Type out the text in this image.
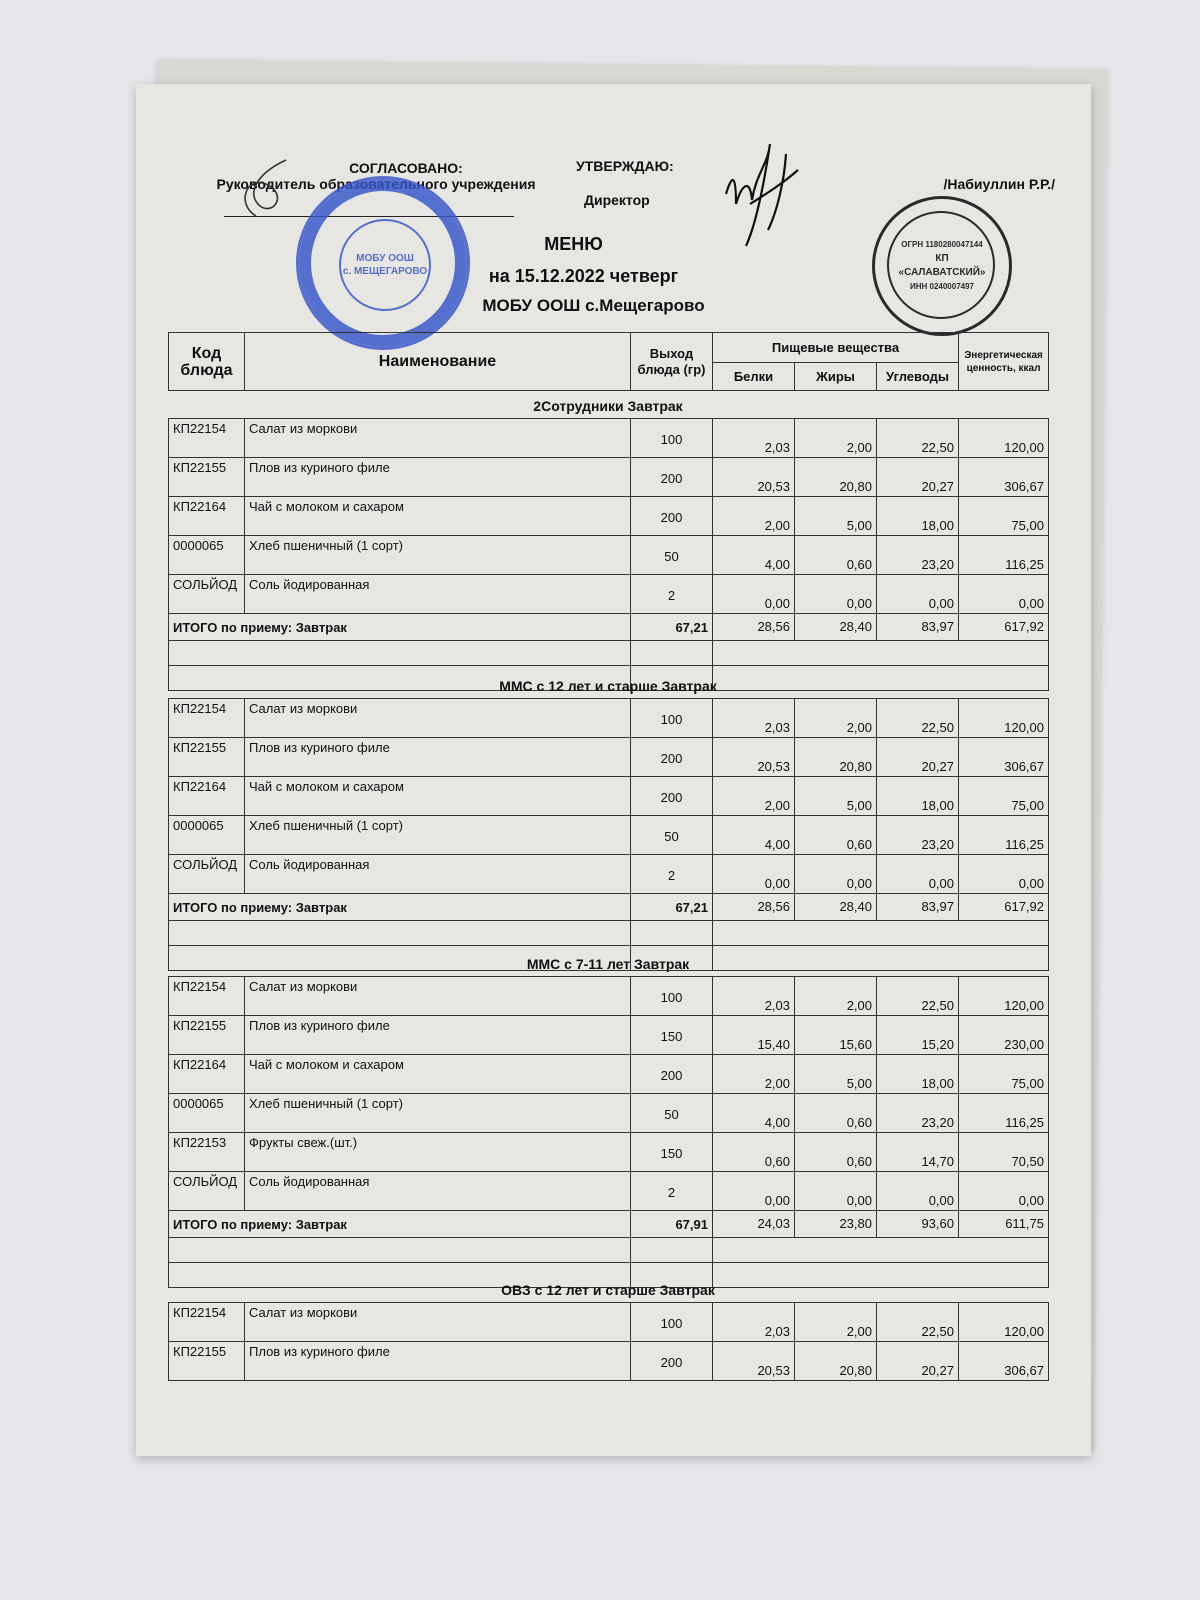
СОГЛАСОВАНО:
Руководитель образовательного учреждения
УТВЕРЖДАЮ:
Директор
/Набиуллин Р.Р./
МОБУ ООШ
с. МЕЩЕГАРОВО
ОГРН 1180280047144
КП
«САЛАВАТСКИЙ»
ИНН 0240007497
МЕНЮ
на 15.12.2022 четверг
МОБУ ООШ с.Мещегарово
Код блюда	Наименование	Выход блюда (гр)	Пищевые вещества			Энергетическая ценность, ккал
			Белки	Жиры	Углеводы	
2Сотрудники Завтрак
КП22154	Салат из моркови	100	2,03	2,00	22,50	120,00
КП22155	Плов из куриного филе	200	20,53	20,80	20,27	306,67
КП22164	Чай с молоком и сахаром	200	2,00	5,00	18,00	75,00
0000065	Хлеб пшеничный (1 сорт)	50	4,00	0,60	23,20	116,25
СОЛЬЙОД	Соль йодированная	2	0,00	0,00	0,00	0,00
ИТОГО по приему: Завтрак		67,21	28,56	28,40	83,97	617,92

ММС с 12 лет и старше Завтрак
КП22154	Салат из моркови	100	2,03	2,00	22,50	120,00
КП22155	Плов из куриного филе	200	20,53	20,80	20,27	306,67
КП22164	Чай с молоком и сахаром	200	2,00	5,00	18,00	75,00
0000065	Хлеб пшеничный (1 сорт)	50	4,00	0,60	23,20	116,25
СОЛЬЙОД	Соль йодированная	2	0,00	0,00	0,00	0,00
ИТОГО по приему: Завтрак		67,21	28,56	28,40	83,97	617,92

ММС с 7-11 лет Завтрак
КП22154	Салат из моркови	100	2,03	2,00	22,50	120,00
КП22155	Плов из куриного филе	150	15,40	15,60	15,20	230,00
КП22164	Чай с молоком и сахаром	200	2,00	5,00	18,00	75,00
0000065	Хлеб пшеничный (1 сорт)	50	4,00	0,60	23,20	116,25
КП22153	Фрукты свеж.(шт.)	150	0,60	0,60	14,70	70,50
СОЛЬЙОД	Соль йодированная	2	0,00	0,00	0,00	0,00
ИТОГО по приему: Завтрак		67,91	24,03	23,80	93,60	611,75

ОВЗ с 12 лет и старше Завтрак
КП22154	Салат из моркови	100	2,03	2,00	22,50	120,00
КП22155	Плов из куриного филе	200	20,53	20,80	20,27	306,67
